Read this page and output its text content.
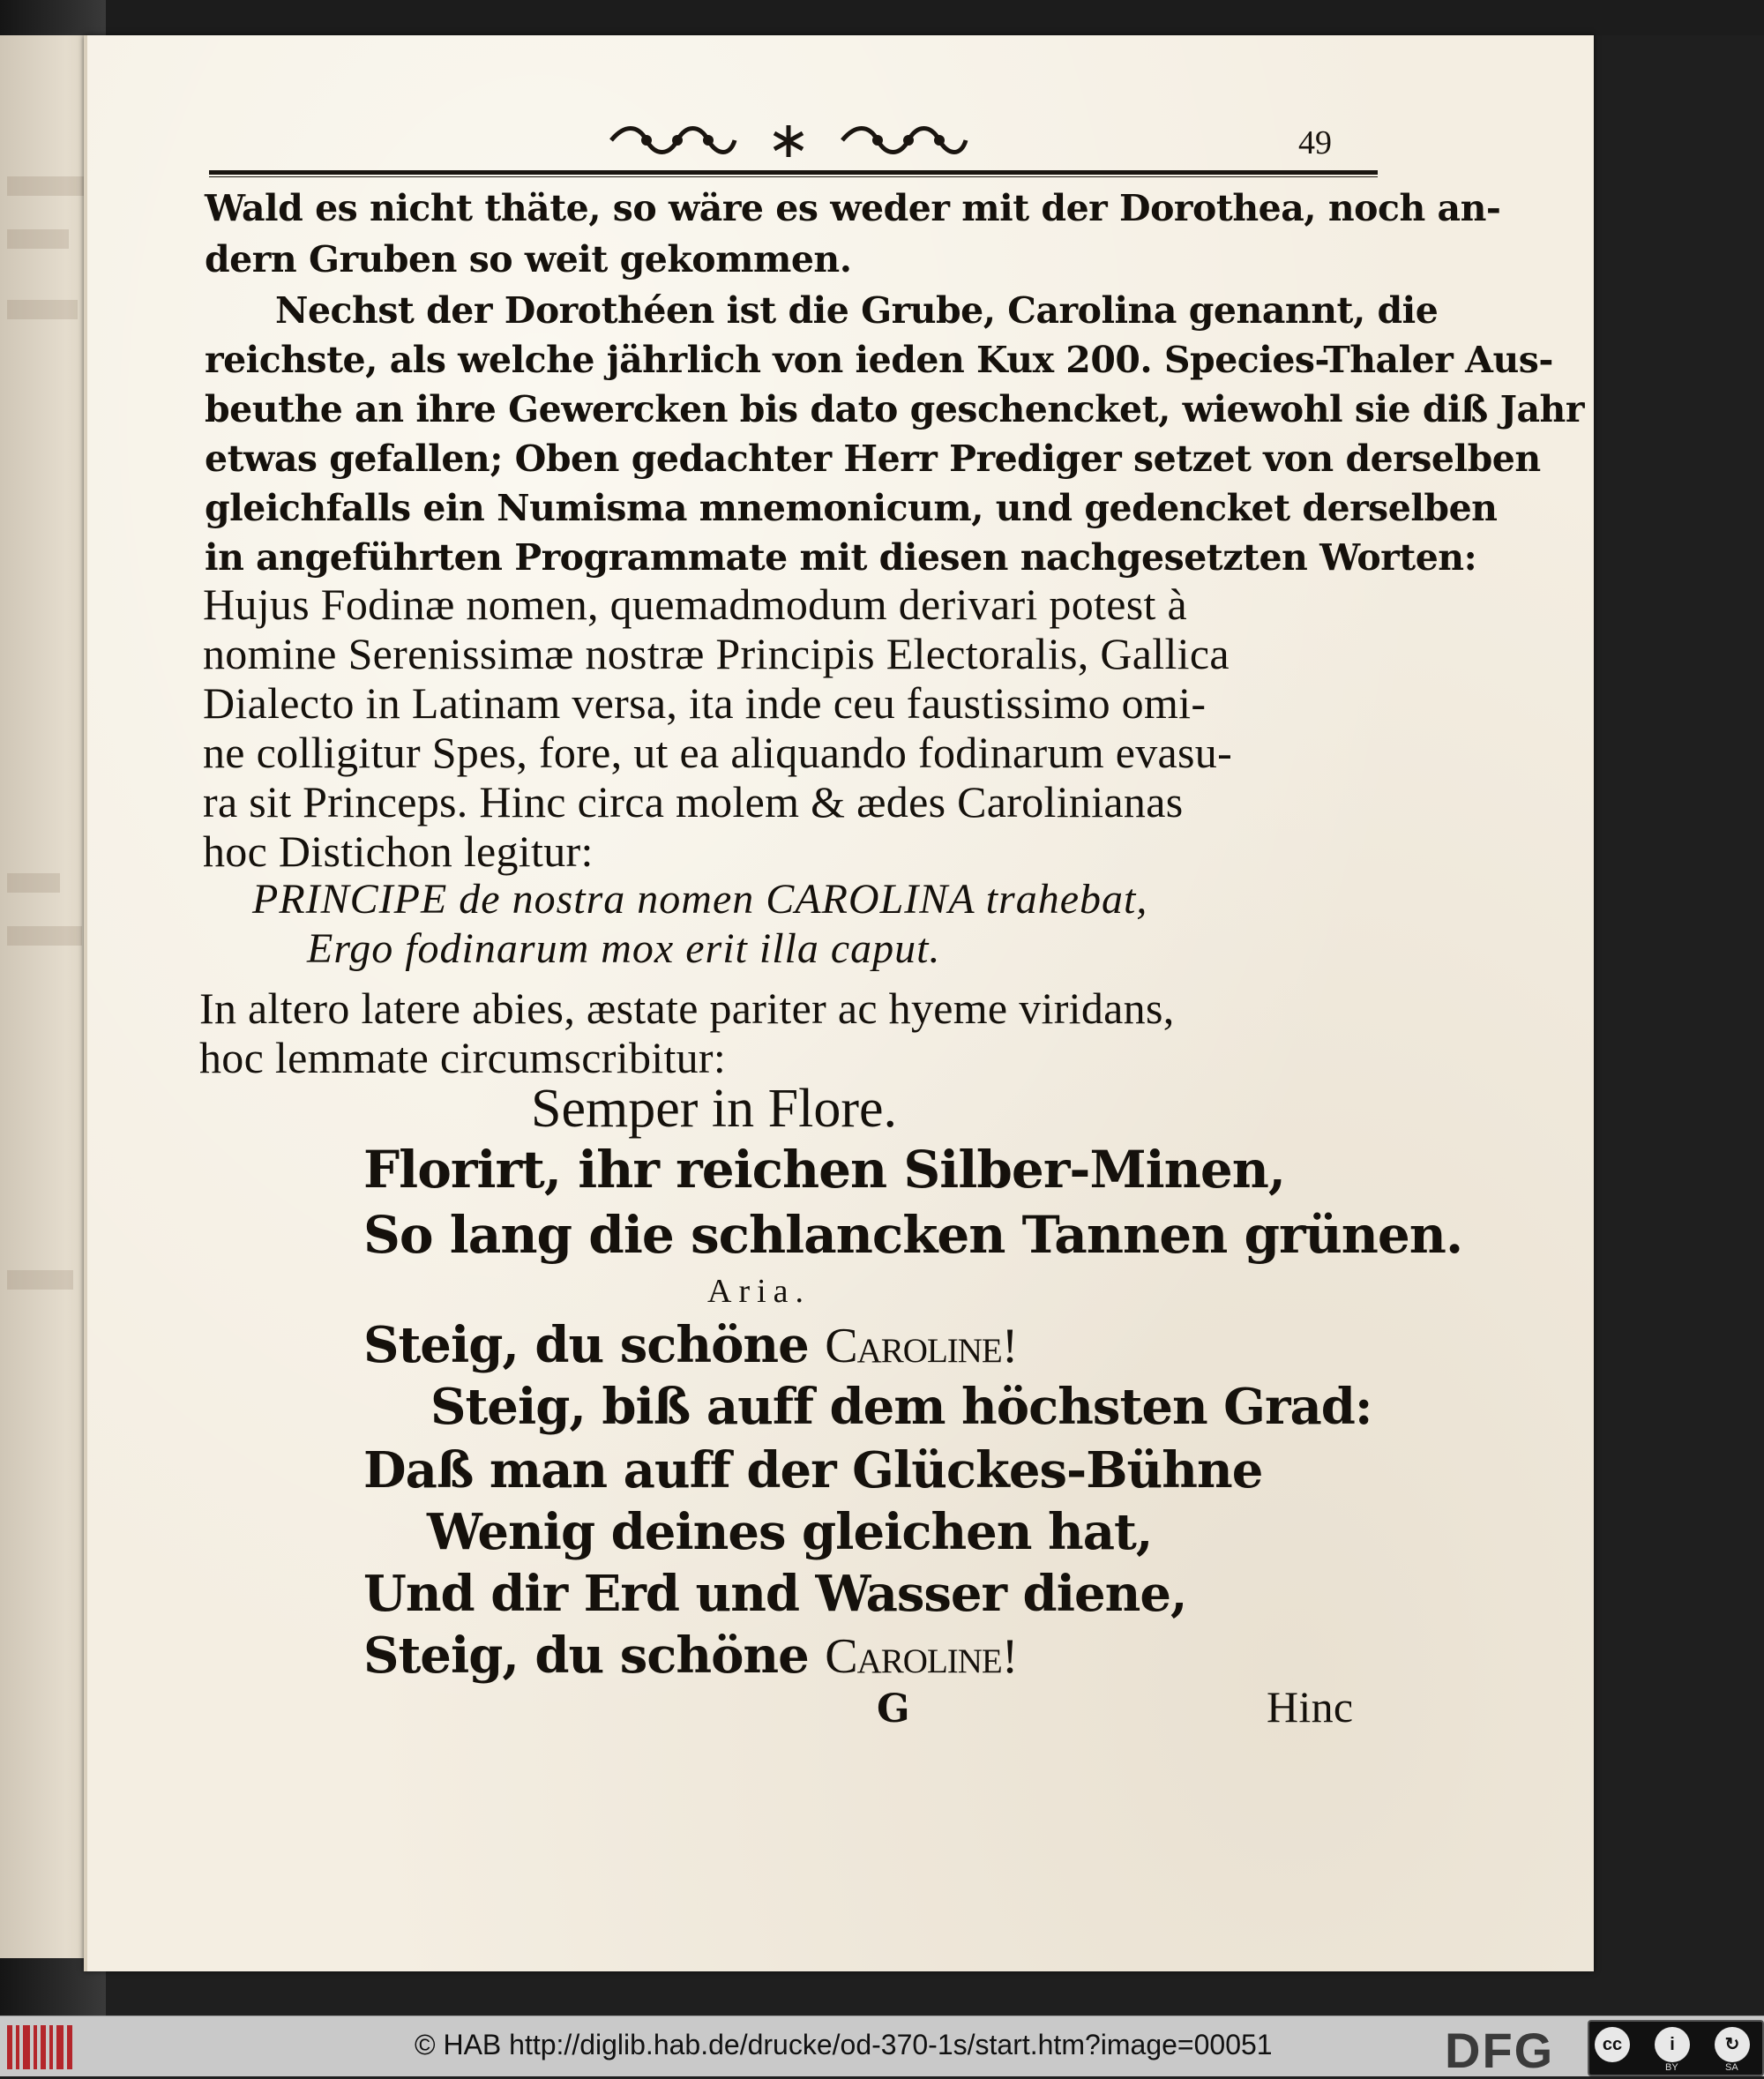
49
Wald es nicht thäte, so wäre es weder mit der Dorothea, noch an-
dern Gruben so weit gekommen.
Nechst der Dorothéen ist die Grube, Carolina genannt, die
reichste, als welche jährlich von ieden Kux 200. Species-Thaler Aus-
beuthe an ihre Gewercken bis dato geschencket, wiewohl sie diß Jahr
etwas gefallen; Oben gedachter Herr Prediger setzet von derselben
gleichfalls ein Numisma mnemonicum, und gedencket derselben
in angeführten Programmate mit diesen nachgesetzten Worten:
Hujus Fodinæ nomen, quemadmodum derivari potest à
nomine Serenissimæ nostræ Principis Electoralis, Gallica
Dialecto in Latinam versa, ita inde ceu faustissimo omi-
ne colligitur Spes, fore, ut ea aliquando fodinarum evasu-
ra sit Princeps. Hinc circa molem & ædes Carolinianas
hoc Distichon legitur:
PRINCIPE de nostra nomen CAROLINA trahebat,
Ergo fodinarum mox erit illa caput.
In altero latere abies, æstate pariter ac hyeme viridans,
hoc lemmate circumscribitur:
Semper in Flore.
Florirt, ihr reichen Silber-Minen,
So lang die schlancken Tannen grünen.
Aria.
Steig, du schöne Caroline!
Steig, biß auff dem höchsten Grad:
Daß man auff der Glückes-Bühne
Wenig deines gleichen hat,
Und dir Erd und Wasser diene,
Steig, du schöne Caroline!
G	Hinc
© HAB http://diglib.hab.de/drucke/od-370-1s/start.htm?image=00051	DFG	cc	i	↻
BY	SA
